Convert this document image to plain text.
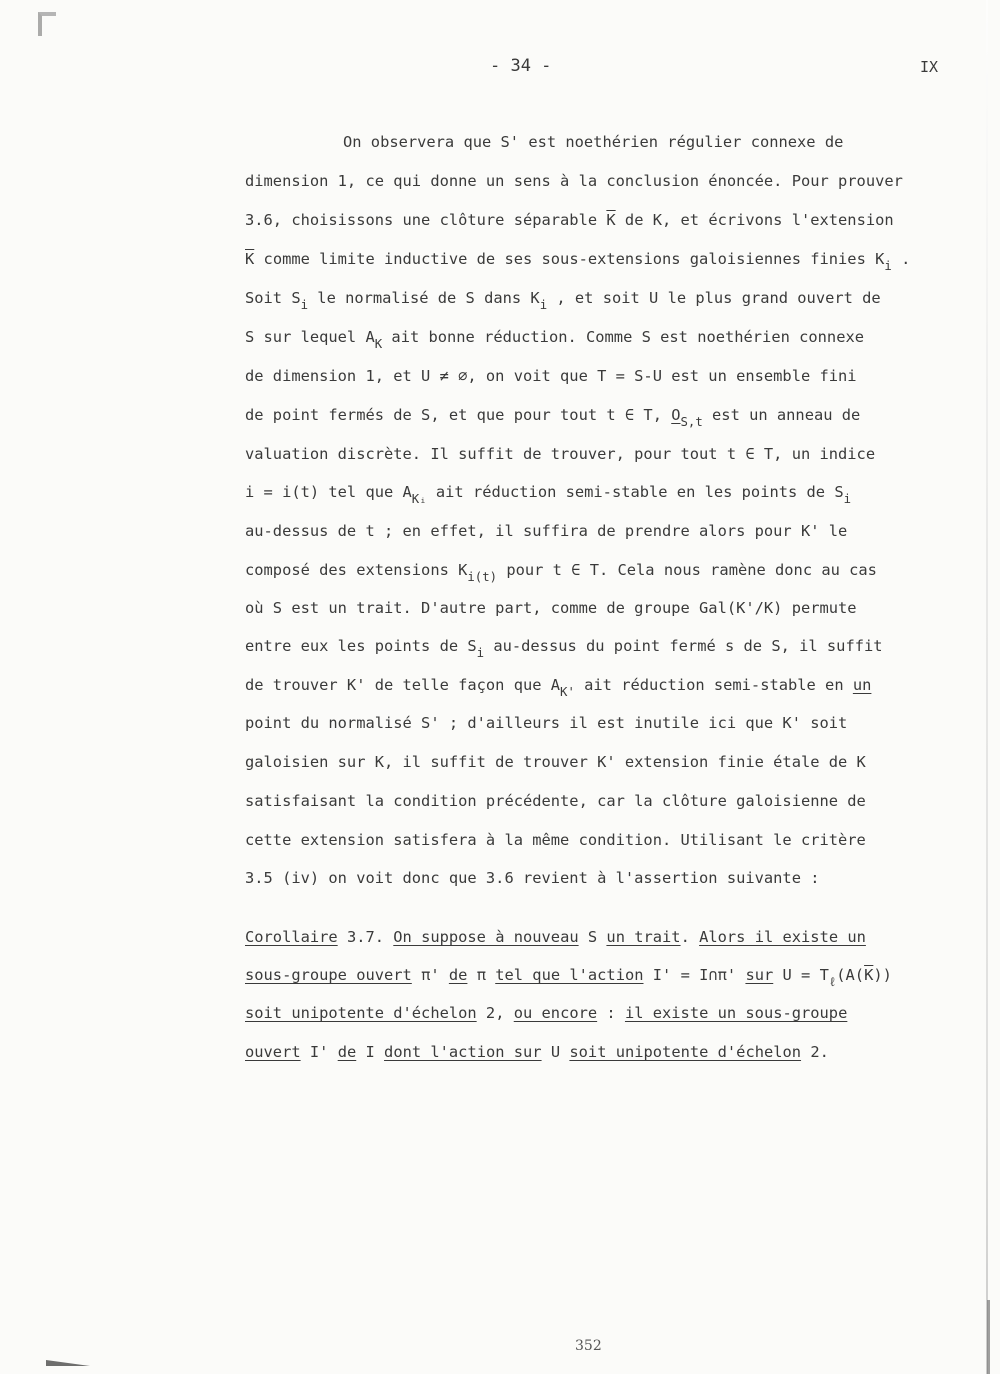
- 34 -	IX
On observera que S' est noethérien régulier connexe de
dimension 1, ce qui donne un sens à la conclusion énoncée. Pour prouver
3.6, choisissons une clôture séparable $\overline{K}$ de K, et écrivons l'extension
$\overline{K}$ comme limite inductive de ses sous-extensions galoisiennes finies $K_i$ .
Soit $S_i$ le normalisé de S dans $K_i$ , et soit U le plus grand ouvert de
S sur lequel $A_K$ ait bonne réduction. Comme S est noethérien connexe
de dimension 1, et U ≠ ∅, on voit que T = S-U est un ensemble fini
de point fermés de S, et que pour tout t ∈ T, $O_{S,t}$ est un anneau de
valuation discrète. Il suffit de trouver, pour tout t ∈ T, un indice
i = i(t) tel que $A_{Kᵢ}$ ait réduction semi-stable en les points de $S_i$
au-dessus de t ; en effet, il suffira de prendre alors pour K' le
composé des extensions $K_{i(t)}$ pour t ∈ T. Cela nous ramène donc au cas
où S est un trait. D'autre part, comme de groupe Gal(K'/K) permute
entre eux les points de $S_i$ au-dessus du point fermé s de S, il suffit
de trouver K' de telle façon que $A_{K'}$ ait réduction semi-stable en un
point du normalisé S' ; d'ailleurs il est inutile ici que K' soit
galoisien sur K, il suffit de trouver K' extension finie étale de K
satisfaisant la condition précédente, car la clôture galoisienne de
cette extension satisfera à la même condition. Utilisant le critère
3.5 (iv) on voit donc que 3.6 revient à l'assertion suivante :
Corollaire 3.7. On suppose à nouveau S un trait. Alors il existe un
sous-groupe ouvert π' de π tel que l'action I' = I∩π' sur $U = T_\ell(A(\overline{K}))$
soit unipotente d'échelon 2, ou encore : il existe un sous-groupe
ouvert I' de I dont l'action sur U soit unipotente d'échelon 2.
352
